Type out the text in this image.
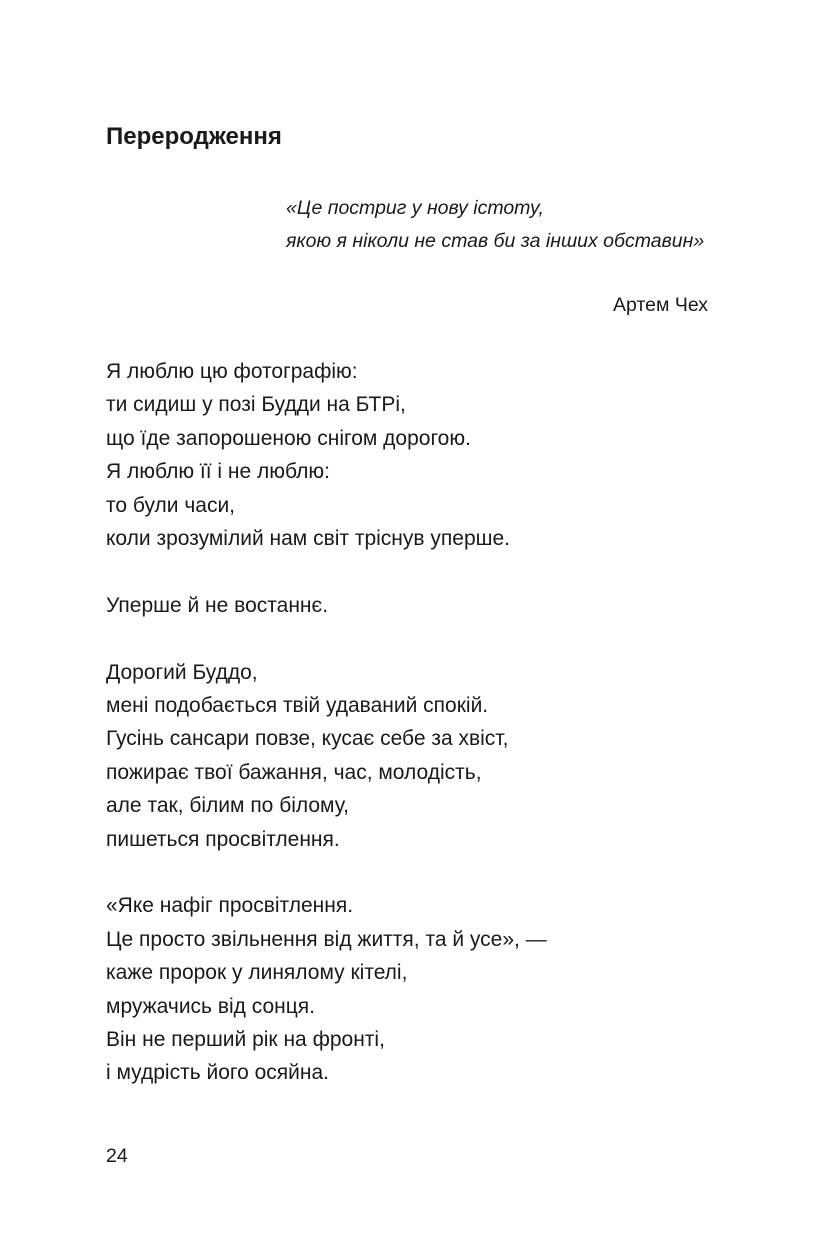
Переродження
«Це постриг у нову істоту,
якою я ніколи не став би за інших обставин»
Артем Чех
Я люблю цю фотографію:
ти сидиш у позі Будди на БТРі,
що їде запорошеною снігом дорогою.
Я люблю її і не люблю:
то були часи,
коли зрозумілий нам світ тріснув уперше.
Уперше й не востаннє.
Дорогий Буддо,
мені подобається твій удаваний спокій.
Гусінь сансари повзе, кусає себе за хвіст,
пожирає твої бажання, час, молодість,
але так, білим по білому,
пишеться просвітлення.
«Яке нафіг просвітлення.
Це просто звільнення від життя, та й усе», —
каже пророк у линялому кітелі,
мружачись від сонця.
Він не перший рік на фронті,
і мудрість його осяйна.
24
